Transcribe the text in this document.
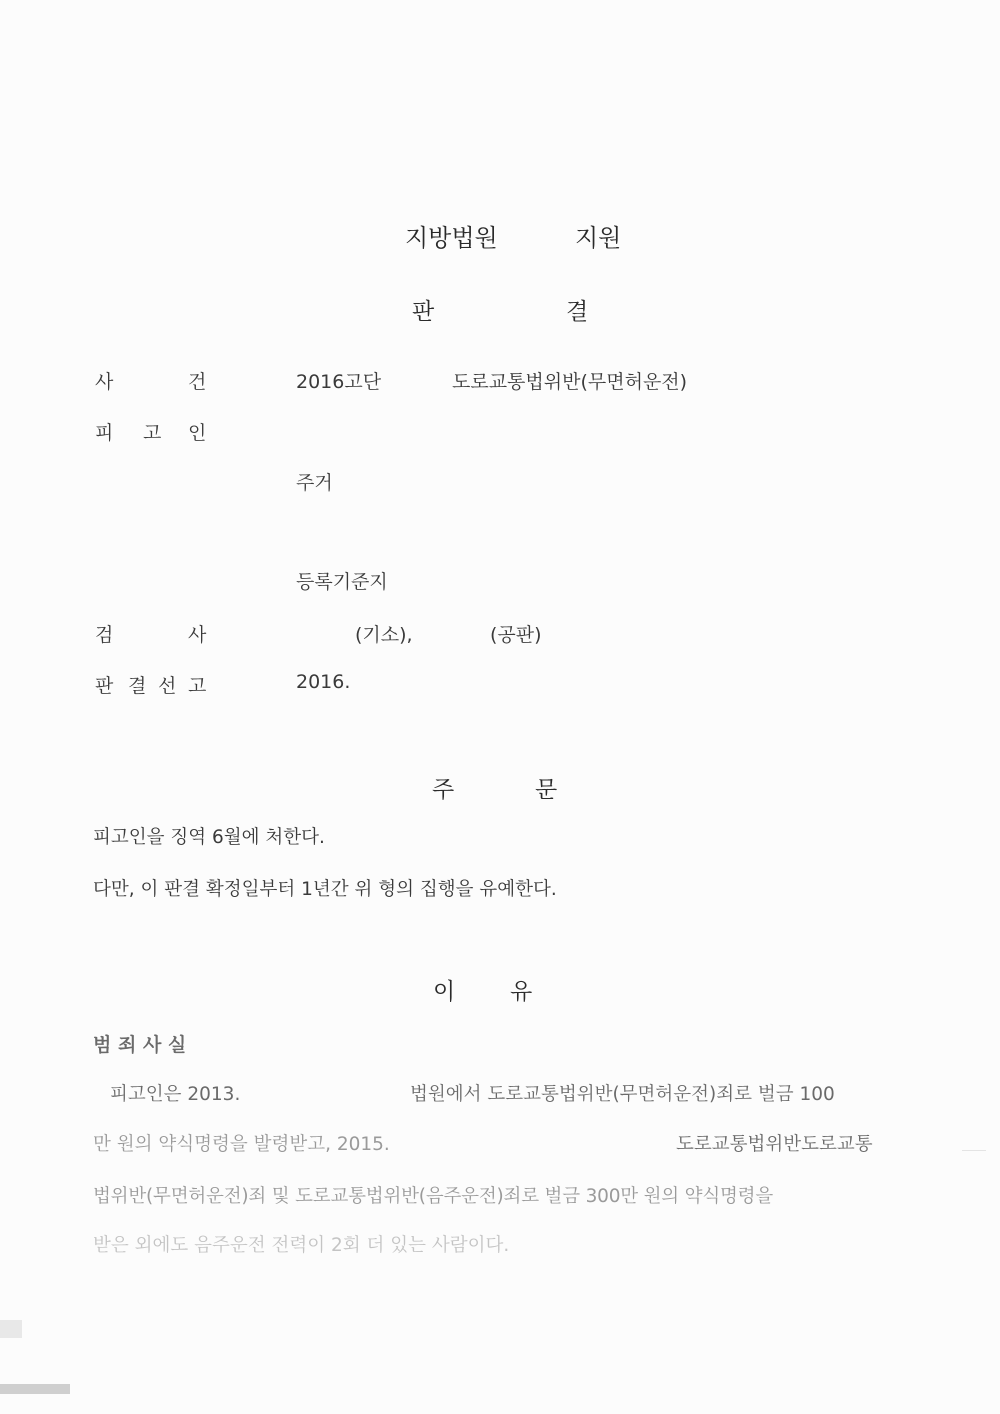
지방법원	지원
판	결
사	건	2016고단	도로교통법위반(무면허운전)
피 고 인
주거
등록기준지
검	사	(기소),	(공판)
판 결 선 고	2016.
주	문
피고인을 징역 6월에 처한다.
다만, 이 판결 확정일부터 1년간 위 형의 집행을 유예한다.
이 유
범 죄 사 실
피고인은 2013.	법원에서 도로교통법위반(무면허운전)죄로 벌금 100
만 원의 약식명령을 발령받고, 2015.	도로교통법위반도로교통
법위반(무면허운전)죄 및 도로교통법위반(음주운전)죄로 벌금 300만 원의 약식명령을
받은 외에도 음주운전 전력이 2회 더 있는 사람이다.
